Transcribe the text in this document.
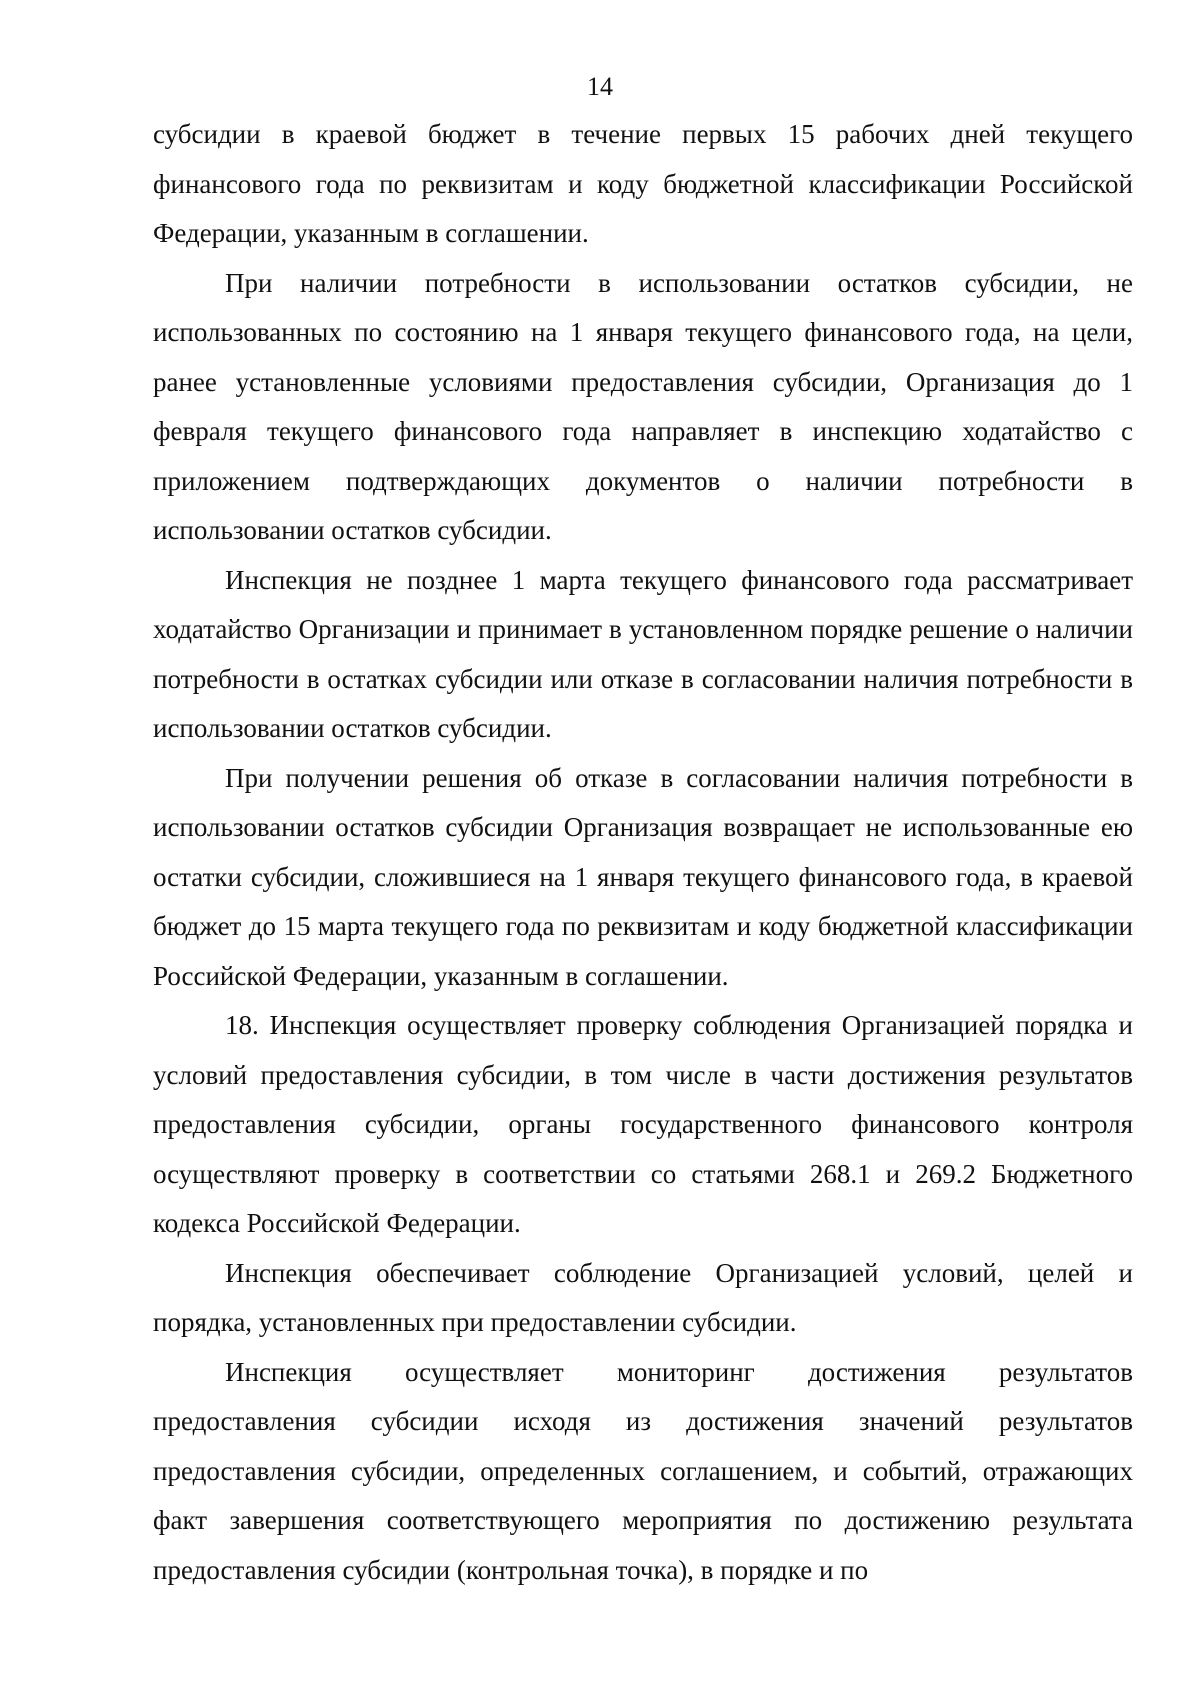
14

субсидии в краевой бюджет в течение первых 15 рабочих дней текущего финансового года по реквизитам и коду бюджетной классификации Российской Федерации, указанным в соглашении.

При наличии потребности в использовании остатков субсидии, не использованных по состоянию на 1 января текущего финансового года, на цели, ранее установленные условиями предоставления субсидии, Организация до 1 февраля текущего финансового года направляет в инспекцию ходатайство с приложением подтверждающих документов о наличии потребности в использовании остатков субсидии.

Инспекция не позднее 1 марта текущего финансового года рассматривает ходатайство Организации и принимает в установленном порядке решение о наличии потребности в остатках субсидии или отказе в согласовании наличия потребности в использовании остатков субсидии.

При получении решения об отказе в согласовании наличия потребности в использовании остатков субсидии Организация возвращает не использованные ею остатки субсидии, сложившиеся на 1 января текущего финансового года, в краевой бюджет до 15 марта текущего года по реквизитам и коду бюджетной классификации Российской Федерации, указанным в соглашении.

18. Инспекция осуществляет проверку соблюдения Организацией порядка и условий предоставления субсидии, в том числе в части достижения результатов предоставления субсидии, органы государственного финансового контроля осуществляют проверку в соответствии со статьями 268.1 и 269.2 Бюджетного кодекса Российской Федерации.

Инспекция обеспечивает соблюдение Организацией условий, целей и порядка, установленных при предоставлении субсидии.

Инспекция осуществляет мониторинг достижения результатов предоставления субсидии исходя из достижения значений результатов предоставления субсидии, определенных соглашением, и событий, отражающих факт завершения соответствующего мероприятия по достижению результата предоставления субсидии (контрольная точка), в порядке и по
